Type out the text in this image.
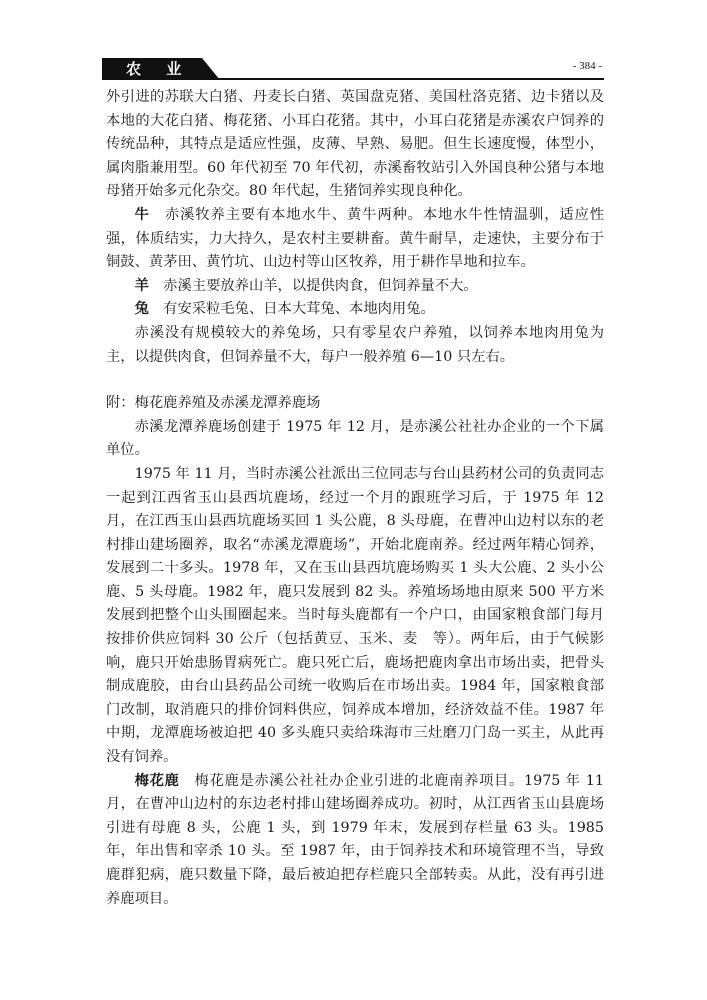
农 业	- 384 -

外引进的苏联大白猪、丹麦长白猪、英国盘克猪、美国杜洛克猪、边卡猪以及本地的大花白猪、梅花猪、小耳白花猪。其中，小耳白花猪是赤溪农户饲养的传统品种，其特点是适应性强，皮薄、早熟、易肥。但生长速度慢，体型小，属肉脂兼用型。60 年代初至 70 年代初，赤溪畜牧站引入外国良种公猪与本地母猪开始多元化杂交。80 年代起，生猪饲养实现良种化。

牛　赤溪牧养主要有本地水牛、黄牛两种。本地水牛性情温驯，适应性强，体质结实，力大持久，是农村主要耕畜。黄牛耐旱，走速快，主要分布于铜鼓、黄茅田、黄竹坑、山边村等山区牧养，用于耕作旱地和拉车。

羊　赤溪主要放养山羊，以提供肉食，但饲养量不大。

兔　有安采粒毛兔、日本大茸兔、本地肉用兔。

赤溪没有规模较大的养兔场，只有零星农户养殖，以饲养本地肉用兔为主，以提供肉食，但饲养量不大，每户一般养殖 6—10 只左右。

附：梅花鹿养殖及赤溪龙潭养鹿场

赤溪龙潭养鹿场创建于 1975 年 12 月，是赤溪公社社办企业的一个下属单位。

1975 年 11 月，当时赤溪公社派出三位同志与台山县药材公司的负责同志一起到江西省玉山县西坑鹿场，经过一个月的跟班学习后，于 1975 年 12 月，在江西玉山县西坑鹿场买回 1 头公鹿，8 头母鹿，在曹冲山边村以东的老村排山建场圈养，取名“赤溪龙潭鹿场”，开始北鹿南养。经过两年精心饲养，发展到二十多头。1978 年，又在玉山县西坑鹿场购买 1 头大公鹿、2 头小公鹿、5 头母鹿。1982 年，鹿只发展到 82 头。养殖场场地由原来 500 平方米发展到把整个山头围圈起来。当时每头鹿都有一个户口，由国家粮食部门每月按排价供应饲料 30 公斤（包括黄豆、玉米、麦　等）。两年后，由于气候影响，鹿只开始患肠胃病死亡。鹿只死亡后，鹿场把鹿肉拿出市场出卖，把骨头制成鹿胶，由台山县药品公司统一收购后在市场出卖。1984 年，国家粮食部门改制，取消鹿只的排价饲料供应，饲养成本增加，经济效益不佳。1987 年中期，龙潭鹿场被迫把 40 多头鹿只卖给珠海市三灶磨刀门岛一买主，从此再没有饲养。

梅花鹿　梅花鹿是赤溪公社社办企业引进的北鹿南养项目。1975 年 11 月，在曹冲山边村的东边老村排山建场圈养成功。初时，从江西省玉山县鹿场引进有母鹿 8 头，公鹿 1 头，到 1979 年末，发展到存栏量 63 头。1985 年，年出售和宰杀 10 头。至 1987 年，由于饲养技术和环境管理不当，导致鹿群犯病，鹿只数量下降，最后被迫把存栏鹿只全部转卖。从此，没有再引进养鹿项目。
